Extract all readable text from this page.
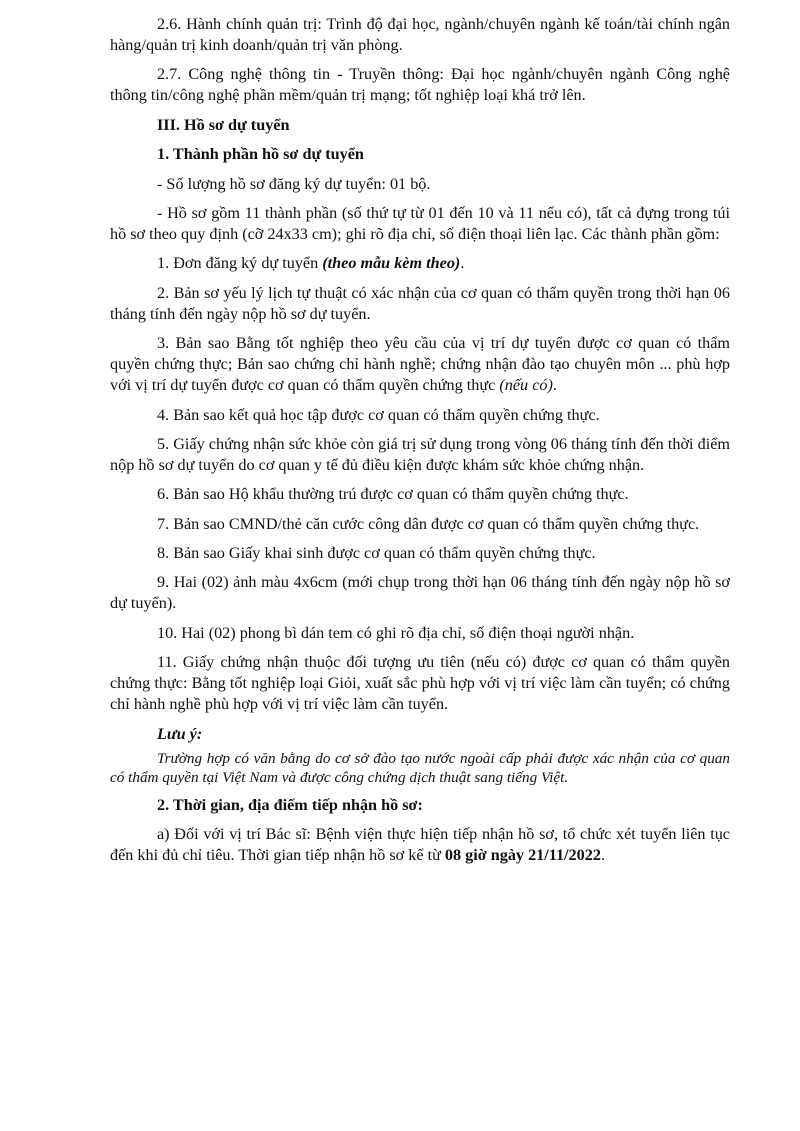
2.6. Hành chính quản trị: Trình độ đại học, ngành/chuyên ngành kế toán/tài chính ngân hàng/quản trị kinh doanh/quản trị văn phòng.

2.7. Công nghệ thông tin - Truyền thông: Đại học ngành/chuyên ngành Công nghệ thông tin/công nghệ phần mềm/quản trị mạng; tốt nghiệp loại khá trở lên.

III. Hồ sơ dự tuyển

1. Thành phần hồ sơ dự tuyển

- Số lượng hồ sơ đăng ký dự tuyển: 01 bộ.

- Hồ sơ gồm 11 thành phần (số thứ tự từ 01 đến 10 và 11 nếu có), tất cả đựng trong túi hồ sơ theo quy định (cỡ 24x33 cm); ghi rõ địa chỉ, số điện thoại liên lạc. Các thành phần gồm:

1. Đơn đăng ký dự tuyển (theo mẫu kèm theo).

2. Bản sơ yếu lý lịch tự thuật có xác nhận của cơ quan có thẩm quyền trong thời hạn 06 tháng tính đến ngày nộp hồ sơ dự tuyển.

3. Bản sao Bằng tốt nghiệp theo yêu cầu của vị trí dự tuyển được cơ quan có thẩm quyền chứng thực; Bản sao chứng chỉ hành nghề; chứng nhận đào tạo chuyên môn ... phù hợp với vị trí dự tuyển được cơ quan có thẩm quyền chứng thực (nếu có).

4. Bản sao kết quả học tập được cơ quan có thẩm quyền chứng thực.

5. Giấy chứng nhận sức khỏe còn giá trị sử dụng trong vòng 06 tháng tính đến thời điểm nộp hồ sơ dự tuyển do cơ quan y tế đủ điều kiện được khám sức khỏe chứng nhận.

6. Bản sao Hộ khẩu thường trú được cơ quan có thẩm quyền chứng thực.

7. Bản sao CMND/thẻ căn cước công dân được cơ quan có thẩm quyền chứng thực.

8. Bản sao Giấy khai sinh được cơ quan có thẩm quyền chứng thực.

9. Hai (02) ảnh màu 4x6cm (mới chụp trong thời hạn 06 tháng tính đến ngày nộp hồ sơ dự tuyển).

10. Hai (02) phong bì dán tem có ghi rõ địa chỉ, số điện thoại người nhận.

11. Giấy chứng nhận thuộc đối tượng ưu tiên (nếu có) được cơ quan có thẩm quyền chứng thực: Bằng tốt nghiệp loại Giỏi, xuất sắc phù hợp với vị trí việc làm cần tuyển; có chứng chỉ hành nghề phù hợp với vị trí việc làm cần tuyển.

Lưu ý:

Trường hợp có văn bằng do cơ sở đào tạo nước ngoài cấp phải được xác nhận của cơ quan có thẩm quyền tại Việt Nam và được công chứng dịch thuật sang tiếng Việt.

2. Thời gian, địa điểm tiếp nhận hồ sơ:

a) Đối với vị trí Bác sĩ: Bệnh viện thực hiện tiếp nhận hồ sơ, tổ chức xét tuyển liên tục đến khi đủ chỉ tiêu. Thời gian tiếp nhận hồ sơ kể từ 08 giờ ngày 21/11/2022.
